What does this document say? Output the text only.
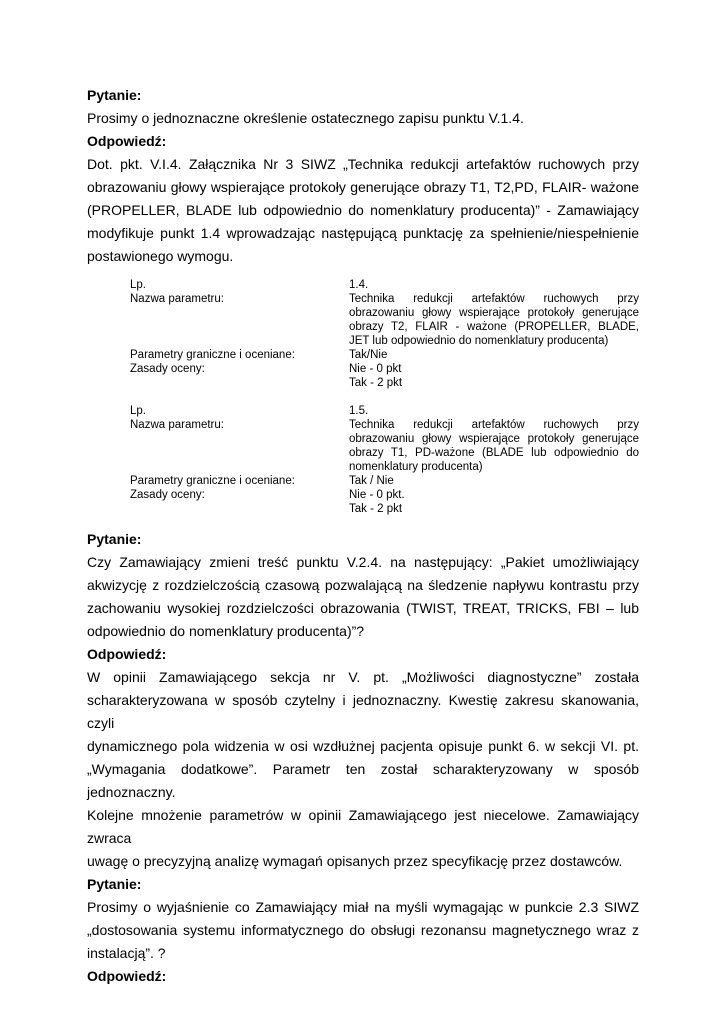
Pytanie:

Prosimy o jednoznaczne określenie ostatecznego zapisu punktu V.1.4.

Odpowiedź:

Dot. pkt. V.I.4. Załącznika Nr 3 SIWZ „Technika redukcji artefaktów ruchowych przy

obrazowaniu głowy wspierające protokoły generujące obrazy T1, T2,PD, FLAIR- ważone

(PROPELLER, BLADE lub odpowiednio do nomenklatury producenta)” - Zamawiający

modyfikuje punkt 1.4 wprowadzając następującą punktację za spełnienie/niespełnienie

postawionego wymogu.

Lp.	1.4.
Nazwa parametru:	Technika redukcji artefaktów ruchowych przy
obrazowaniu głowy wspierające protokoły generujące
obrazy T2, FLAIR - ważone (PROPELLER, BLADE,
JET lub odpowiednio do nomenklatury producenta)
Parametry graniczne i oceniane:	Tak/Nie
Zasady oceny:	Nie - 0 pkt
Tak - 2 pkt
Lp.	1.5.
Nazwa parametru:	Technika redukcji artefaktów ruchowych przy
obrazowaniu głowy wspierające protokoły generujące
obrazy T1, PD-ważone (BLADE lub odpowiednio do
nomenklatury producenta)
Parametry graniczne i oceniane:	Tak / Nie
Zasady oceny:	Nie - 0 pkt.
Tak - 2 pkt

Pytanie:

Czy Zamawiający zmieni treść punktu V.2.4. na następujący: „Pakiet umożliwiający

akwizycję z rozdzielczością czasową pozwalającą na śledzenie napływu kontrastu przy

zachowaniu wysokiej rozdzielczości obrazowania (TWIST, TREAT, TRICKS, FBI – lub

odpowiednio do nomenklatury producenta)”?

Odpowiedź:

W opinii Zamawiającego sekcja nr V. pt. „Możliwości diagnostyczne” została

scharakteryzowana w sposób czytelny i jednoznaczny. Kwestię zakresu skanowania, czyli

dynamicznego pola widzenia w osi wzdłużnej pacjenta opisuje punkt 6. w sekcji VI. pt.

„Wymagania dodatkowe”. Parametr ten został scharakteryzowany w sposób jednoznaczny.

Kolejne mnożenie parametrów w opinii Zamawiającego jest niecelowe. Zamawiający zwraca

uwagę o precyzyjną analizę wymagań opisanych przez specyfikację przez dostawców.

Pytanie:

Prosimy o wyjaśnienie co Zamawiający miał na myśli wymagając w punkcie 2.3 SIWZ

„dostosowania systemu informatycznego do obsługi rezonansu magnetycznego wraz z

instalacją”. ?

Odpowiedź:
